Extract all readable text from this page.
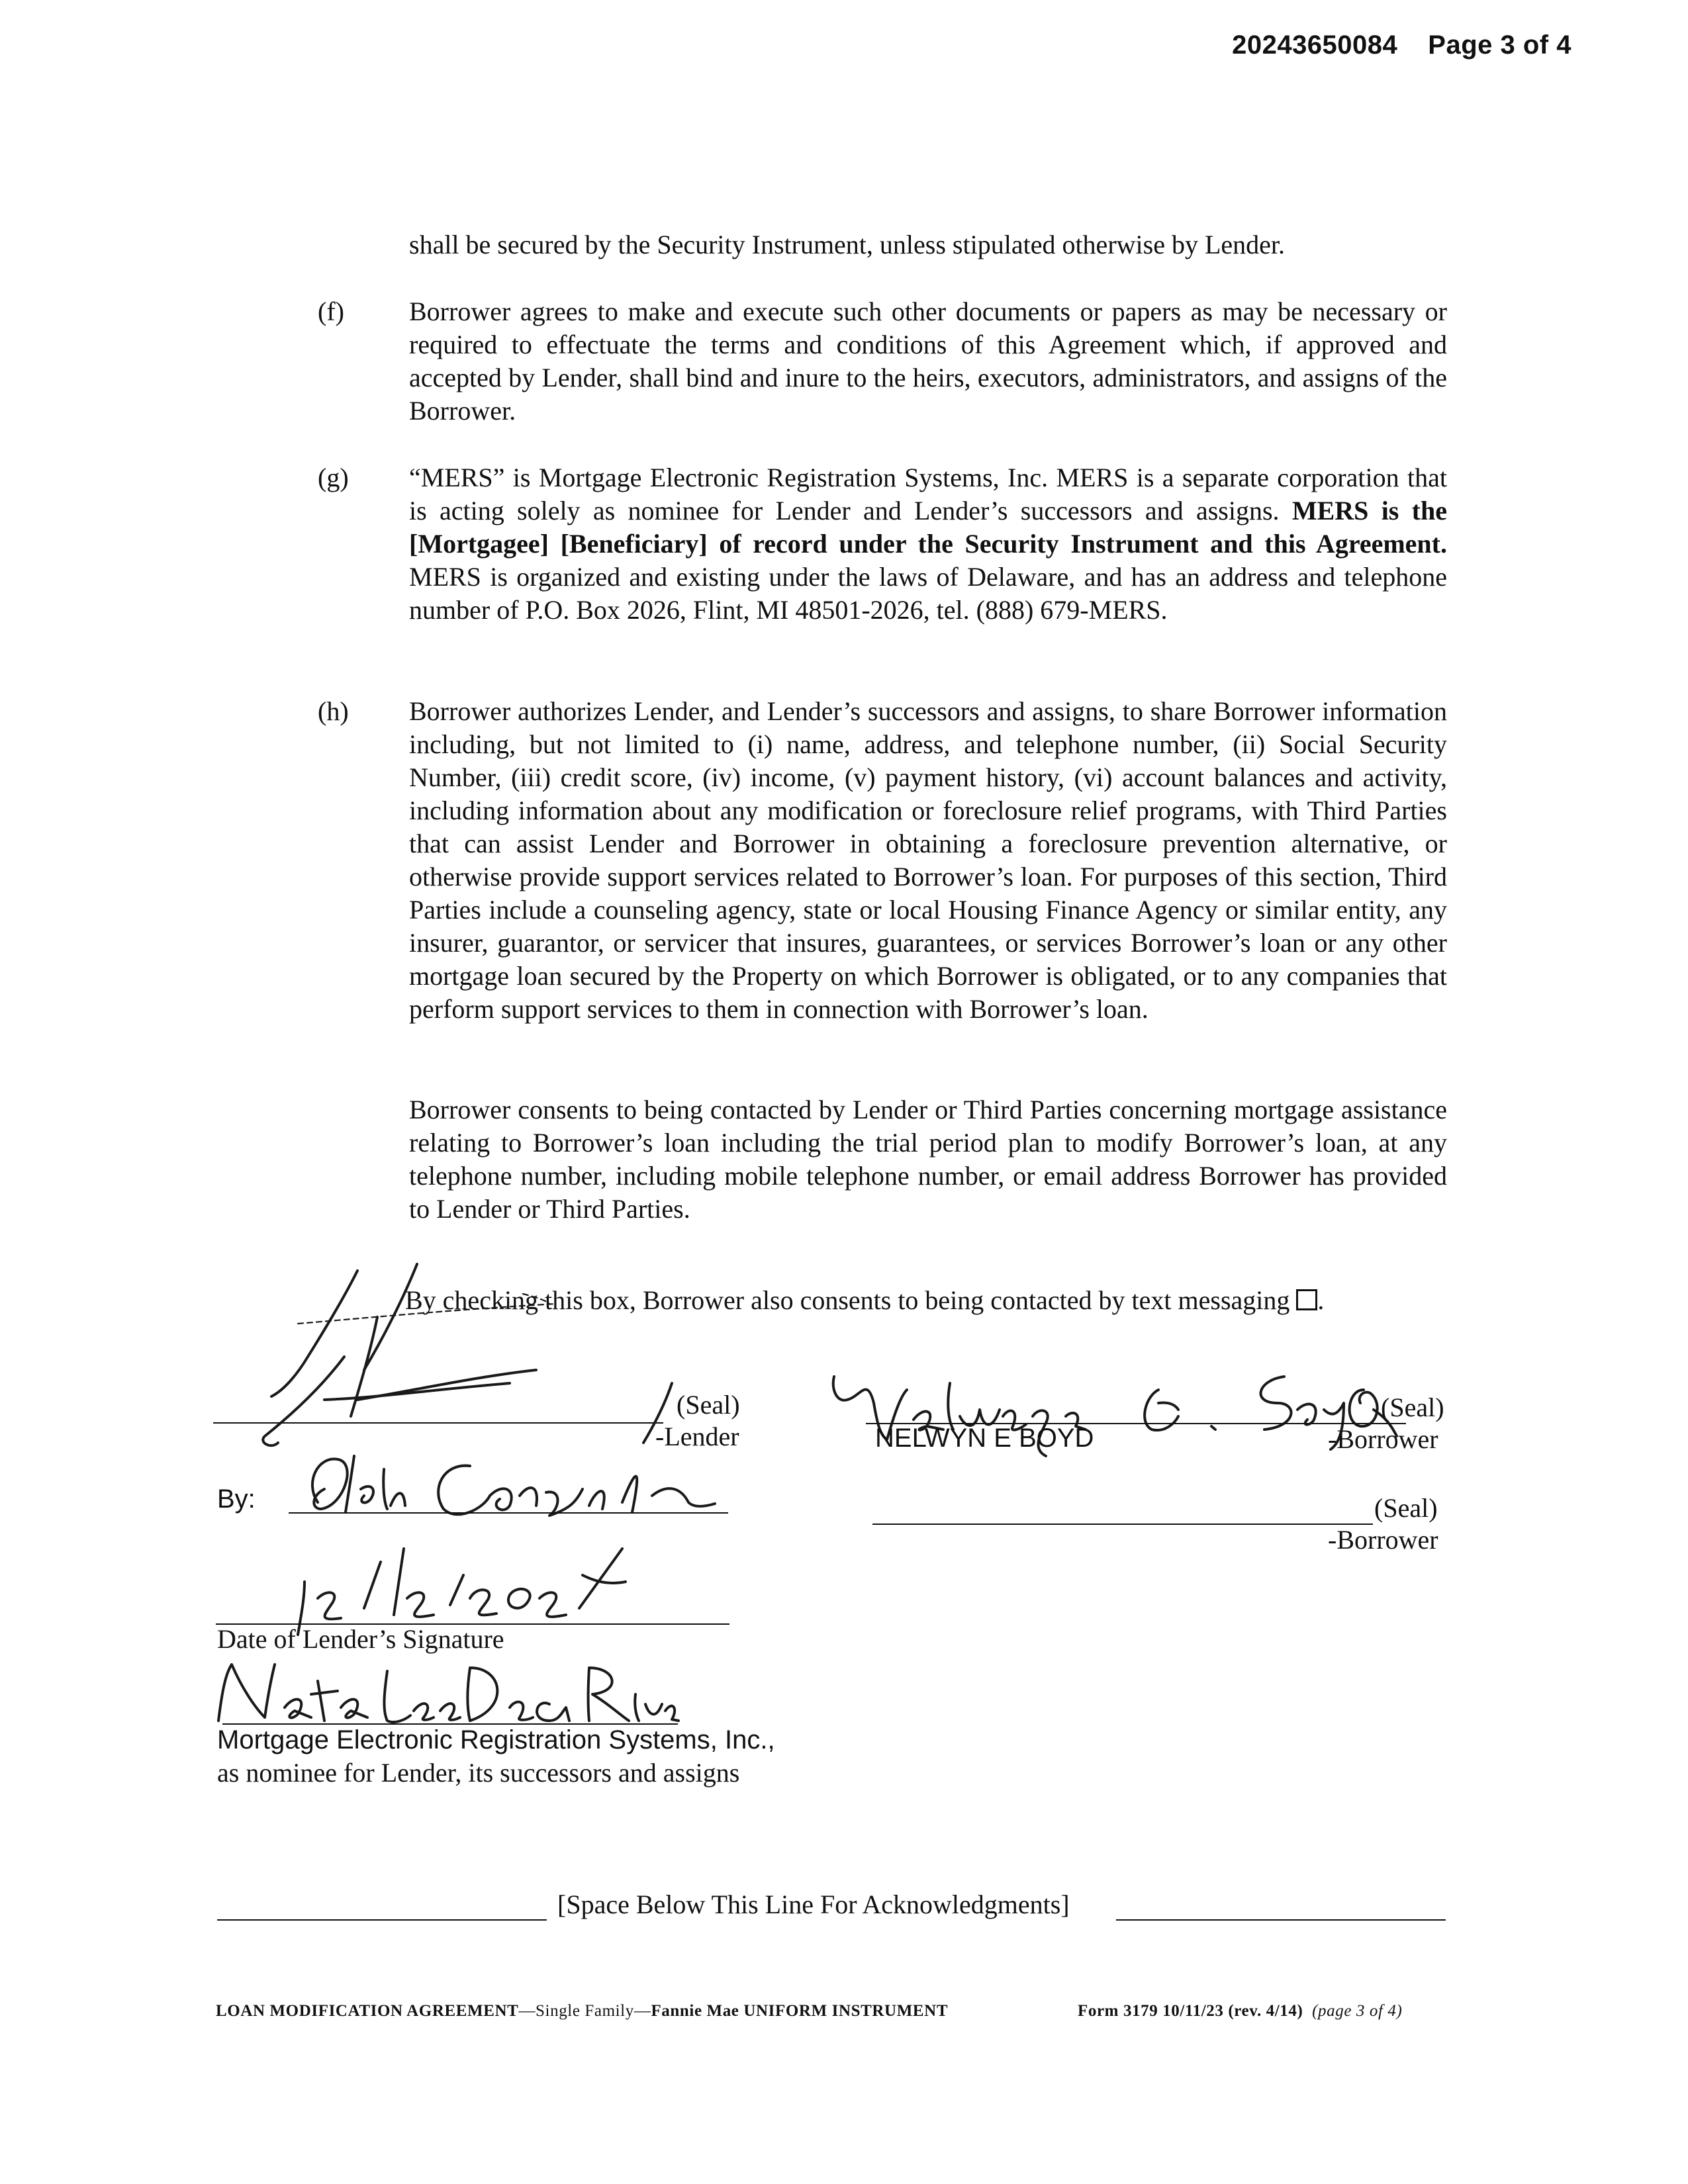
20243650084 Page 3 of 4
shall be secured by the Security Instrument, unless stipulated otherwise by Lender.
(f) Borrower agrees to make and execute such other documents or papers as may be necessary or required to effectuate the terms and conditions of this Agreement which, if approved and accepted by Lender, shall bind and inure to the heirs, executors, administrators, and assigns of the Borrower.
(g) “MERS” is Mortgage Electronic Registration Systems, Inc. MERS is a separate corporation that is acting solely as nominee for Lender and Lender’s successors and assigns. MERS is the [Mortgagee] [Beneficiary] of record under the Security Instrument and this Agreement. MERS is organized and existing under the laws of Delaware, and has an address and telephone number of P.O. Box 2026, Flint, MI 48501-2026, tel. (888) 679-MERS.
(h) Borrower authorizes Lender, and Lender’s successors and assigns, to share Borrower information including, but not limited to (i) name, address, and telephone number, (ii) Social Security Number, (iii) credit score, (iv) income, (v) payment history, (vi) account balances and activity, including information about any modification or foreclosure relief programs, with Third Parties that can assist Lender and Borrower in obtaining a foreclosure prevention alternative, or otherwise provide support services related to Borrower’s loan. For purposes of this section, Third Parties include a counseling agency, state or local Housing Finance Agency or similar entity, any insurer, guarantor, or servicer that insures, guarantees, or services Borrower’s loan or any other mortgage loan secured by the Property on which Borrower is obligated, or to any companies that perform support services to them in connection with Borrower’s loan.
Borrower consents to being contacted by Lender or Third Parties concerning mortgage assistance relating to Borrower’s loan including the trial period plan to modify Borrower’s loan, at any telephone number, including mobile telephone number, or email address Borrower has provided to Lender or Third Parties.
By checking this box, Borrower also consents to being contacted by text messaging .
(Seal)
-Lender
By:
Date of Lender’s Signature
Mortgage Electronic Registration Systems, Inc.,
as nominee for Lender, its successors and assigns
(Seal)
NELWYN E BOYD	-Borrower
(Seal)
-Borrower
[Space Below This Line For Acknowledgments]
LOAN MODIFICATION AGREEMENT—Single Family—Fannie Mae UNIFORM INSTRUMENT	Form 3179 10/11/23 (rev. 4/14) (page 3 of 4)
